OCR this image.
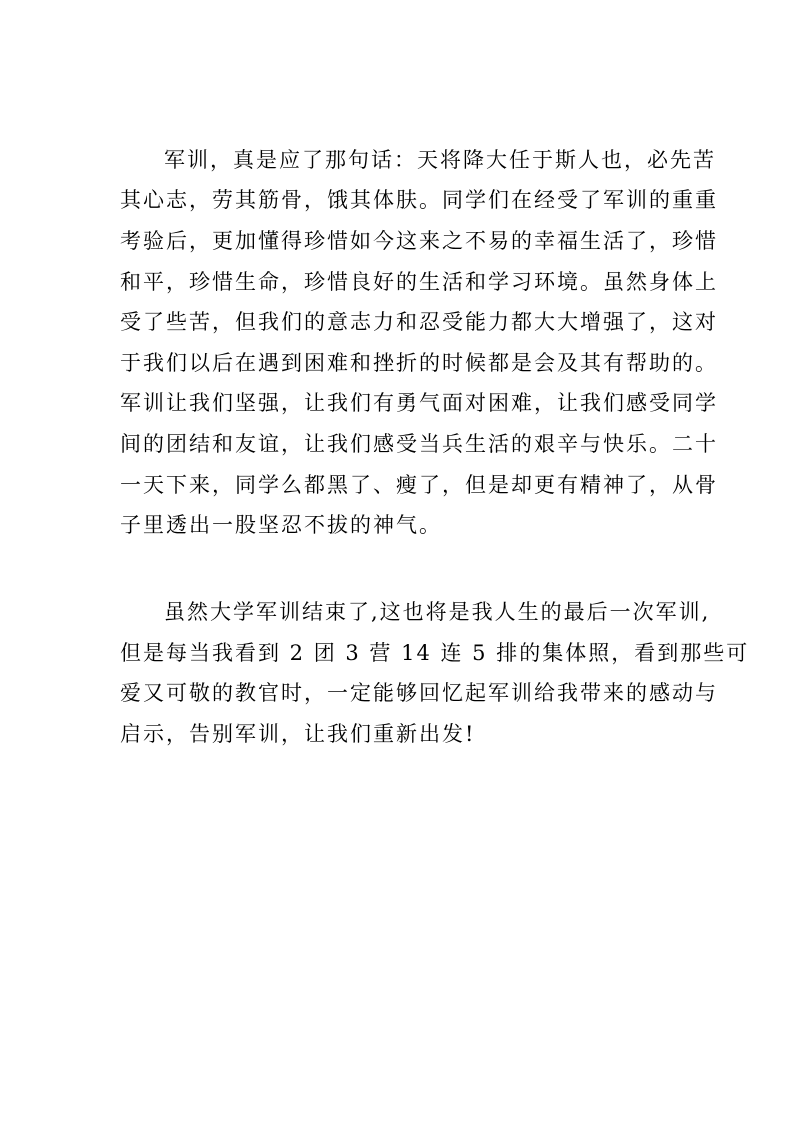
军训，真是应了那句话：天将降大任于斯人也，必先苦
其心志，劳其筋骨，饿其体肤。同学们在经受了军训的重重
考验后，更加懂得珍惜如今这来之不易的幸福生活了，珍惜
和平，珍惜生命，珍惜良好的生活和学习环境。虽然身体上
受了些苦，但我们的意志力和忍受能力都大大增强了，这对
于我们以后在遇到困难和挫折的时候都是会及其有帮助的。
军训让我们坚强，让我们有勇气面对困难，让我们感受同学
间的团结和友谊，让我们感受当兵生活的艰辛与快乐。二十
一天下来，同学么都黑了、瘦了，但是却更有精神了，从骨
子里透出一股坚忍不拔的神气。
虽然大学军训结束了,这也将是我人生的最后一次军训,
但是每当我看到 2 团 3 营 14 连 5 排的集体照，看到那些可
爱又可敬的教官时，一定能够回忆起军训给我带来的感动与
启示，告别军训，让我们重新出发!
